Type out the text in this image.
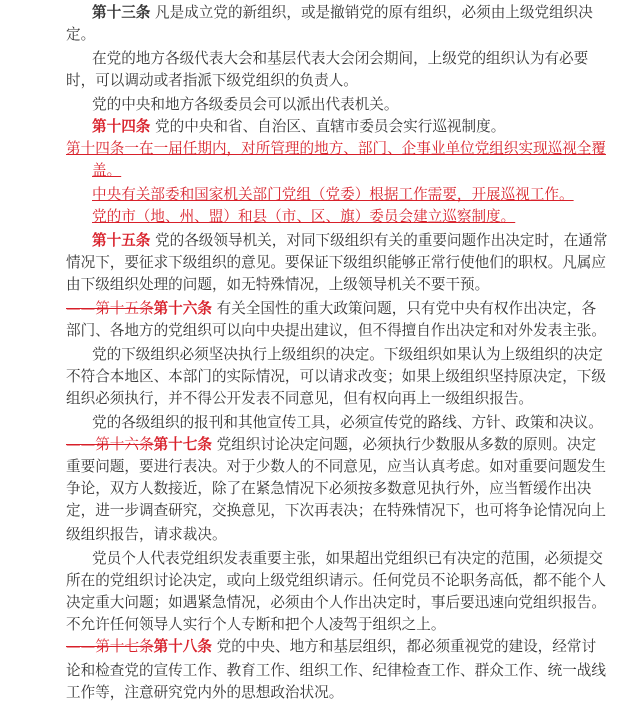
第十三条 凡是成立党的新组织，或是撤销党的原有组织，必须由上级党组织决
定。
在党的地方各级代表大会和基层代表大会闭会期间，上级党的组织认为有必要
时，可以调动或者指派下级党组织的负责人。
党的中央和地方各级委员会可以派出代表机关。
第十四条 党的中央和省、自治区、直辖市委员会实行巡视制度。
第十四条一在一届任期内，对所管理的地方、部门、企事业单位党组织实现巡视全覆
盖。
中央有关部委和国家机关部门党组（党委）根据工作需要，开展巡视工作。
党的市（地、州、盟）和县（市、区、旗）委员会建立巡察制度。
第十五条 党的各级领导机关，对同下级组织有关的重要问题作出决定时，在通常
情况下，要征求下级组织的意见。要保证下级组织能够正常行使他们的职权。凡属应
由下级组织处理的问题，如无特殊情况，上级领导机关不要干预。
——第十五条第十六条 有关全国性的重大政策问题，只有党中央有权作出决定，各
部门、各地方的党组织可以向中央提出建议，但不得擅自作出决定和对外发表主张。
党的下级组织必须坚决执行上级组织的决定。下级组织如果认为上级组织的决定
不符合本地区、本部门的实际情况，可以请求改变；如果上级组织坚持原决定，下级
组织必须执行，并不得公开发表不同意见，但有权向再上一级组织报告。
党的各级组织的报刊和其他宣传工具，必须宣传党的路线、方针、政策和决议。
——第十六条第十七条 党组织讨论决定问题，必须执行少数服从多数的原则。决定
重要问题，要进行表决。对于少数人的不同意见，应当认真考虑。如对重要问题发生
争论，双方人数接近，除了在紧急情况下必须按多数意见执行外，应当暂缓作出决
定，进一步调查研究，交换意见，下次再表决；在特殊情况下，也可将争论情况向上
级组织报告，请求裁决。
党员个人代表党组织发表重要主张，如果超出党组织已有决定的范围，必须提交
所在的党组织讨论决定，或向上级党组织请示。任何党员不论职务高低，都不能个人
决定重大问题；如遇紧急情况，必须由个人作出决定时，事后要迅速向党组织报告。
不允许任何领导人实行个人专断和把个人凌驾于组织之上。
——第十七条第十八条 党的中央、地方和基层组织，都必须重视党的建设，经常讨
论和检查党的宣传工作、教育工作、组织工作、纪律检查工作、群众工作、统一战线
工作等，注意研究党内外的思想政治状况。
